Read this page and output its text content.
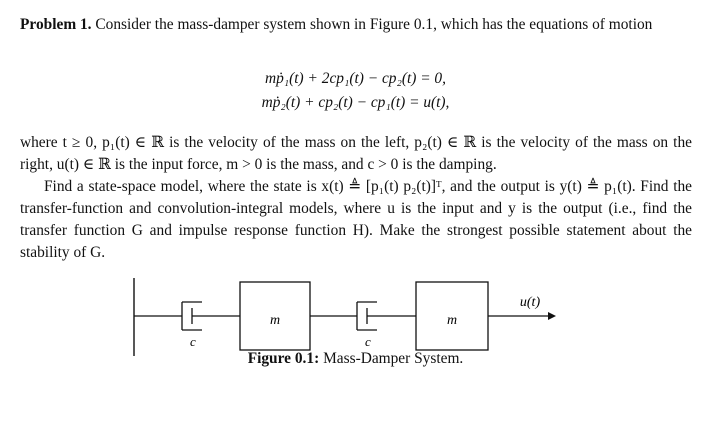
Problem 1. Consider the mass-damper system shown in Figure 0.1, which has the equations of motion
mṗ₁(t) + 2cp₁(t) − cp₂(t) = 0,
mṗ₂(t) + cp₂(t) − cp₁(t) = u(t),
where t ≥ 0, p₁(t) ∈ ℝ is the velocity of the mass on the left, p₂(t) ∈ ℝ is the velocity of the mass on the right, u(t) ∈ ℝ is the input force, m > 0 is the mass, and c > 0 is the damping.
Find a state-space model, where the state is x(t) ≜ [p₁(t) p₂(t)]ᵀ, and the output is y(t) ≜ p₁(t). Find the transfer-function and convolution-integral models, where u is the input and y is the output (i.e., find the transfer function G and impulse response function H). Make the strongest possible statement about the stability of G.
c
m
c
m
u(t)
Figure 0.1: Mass-Damper System.
